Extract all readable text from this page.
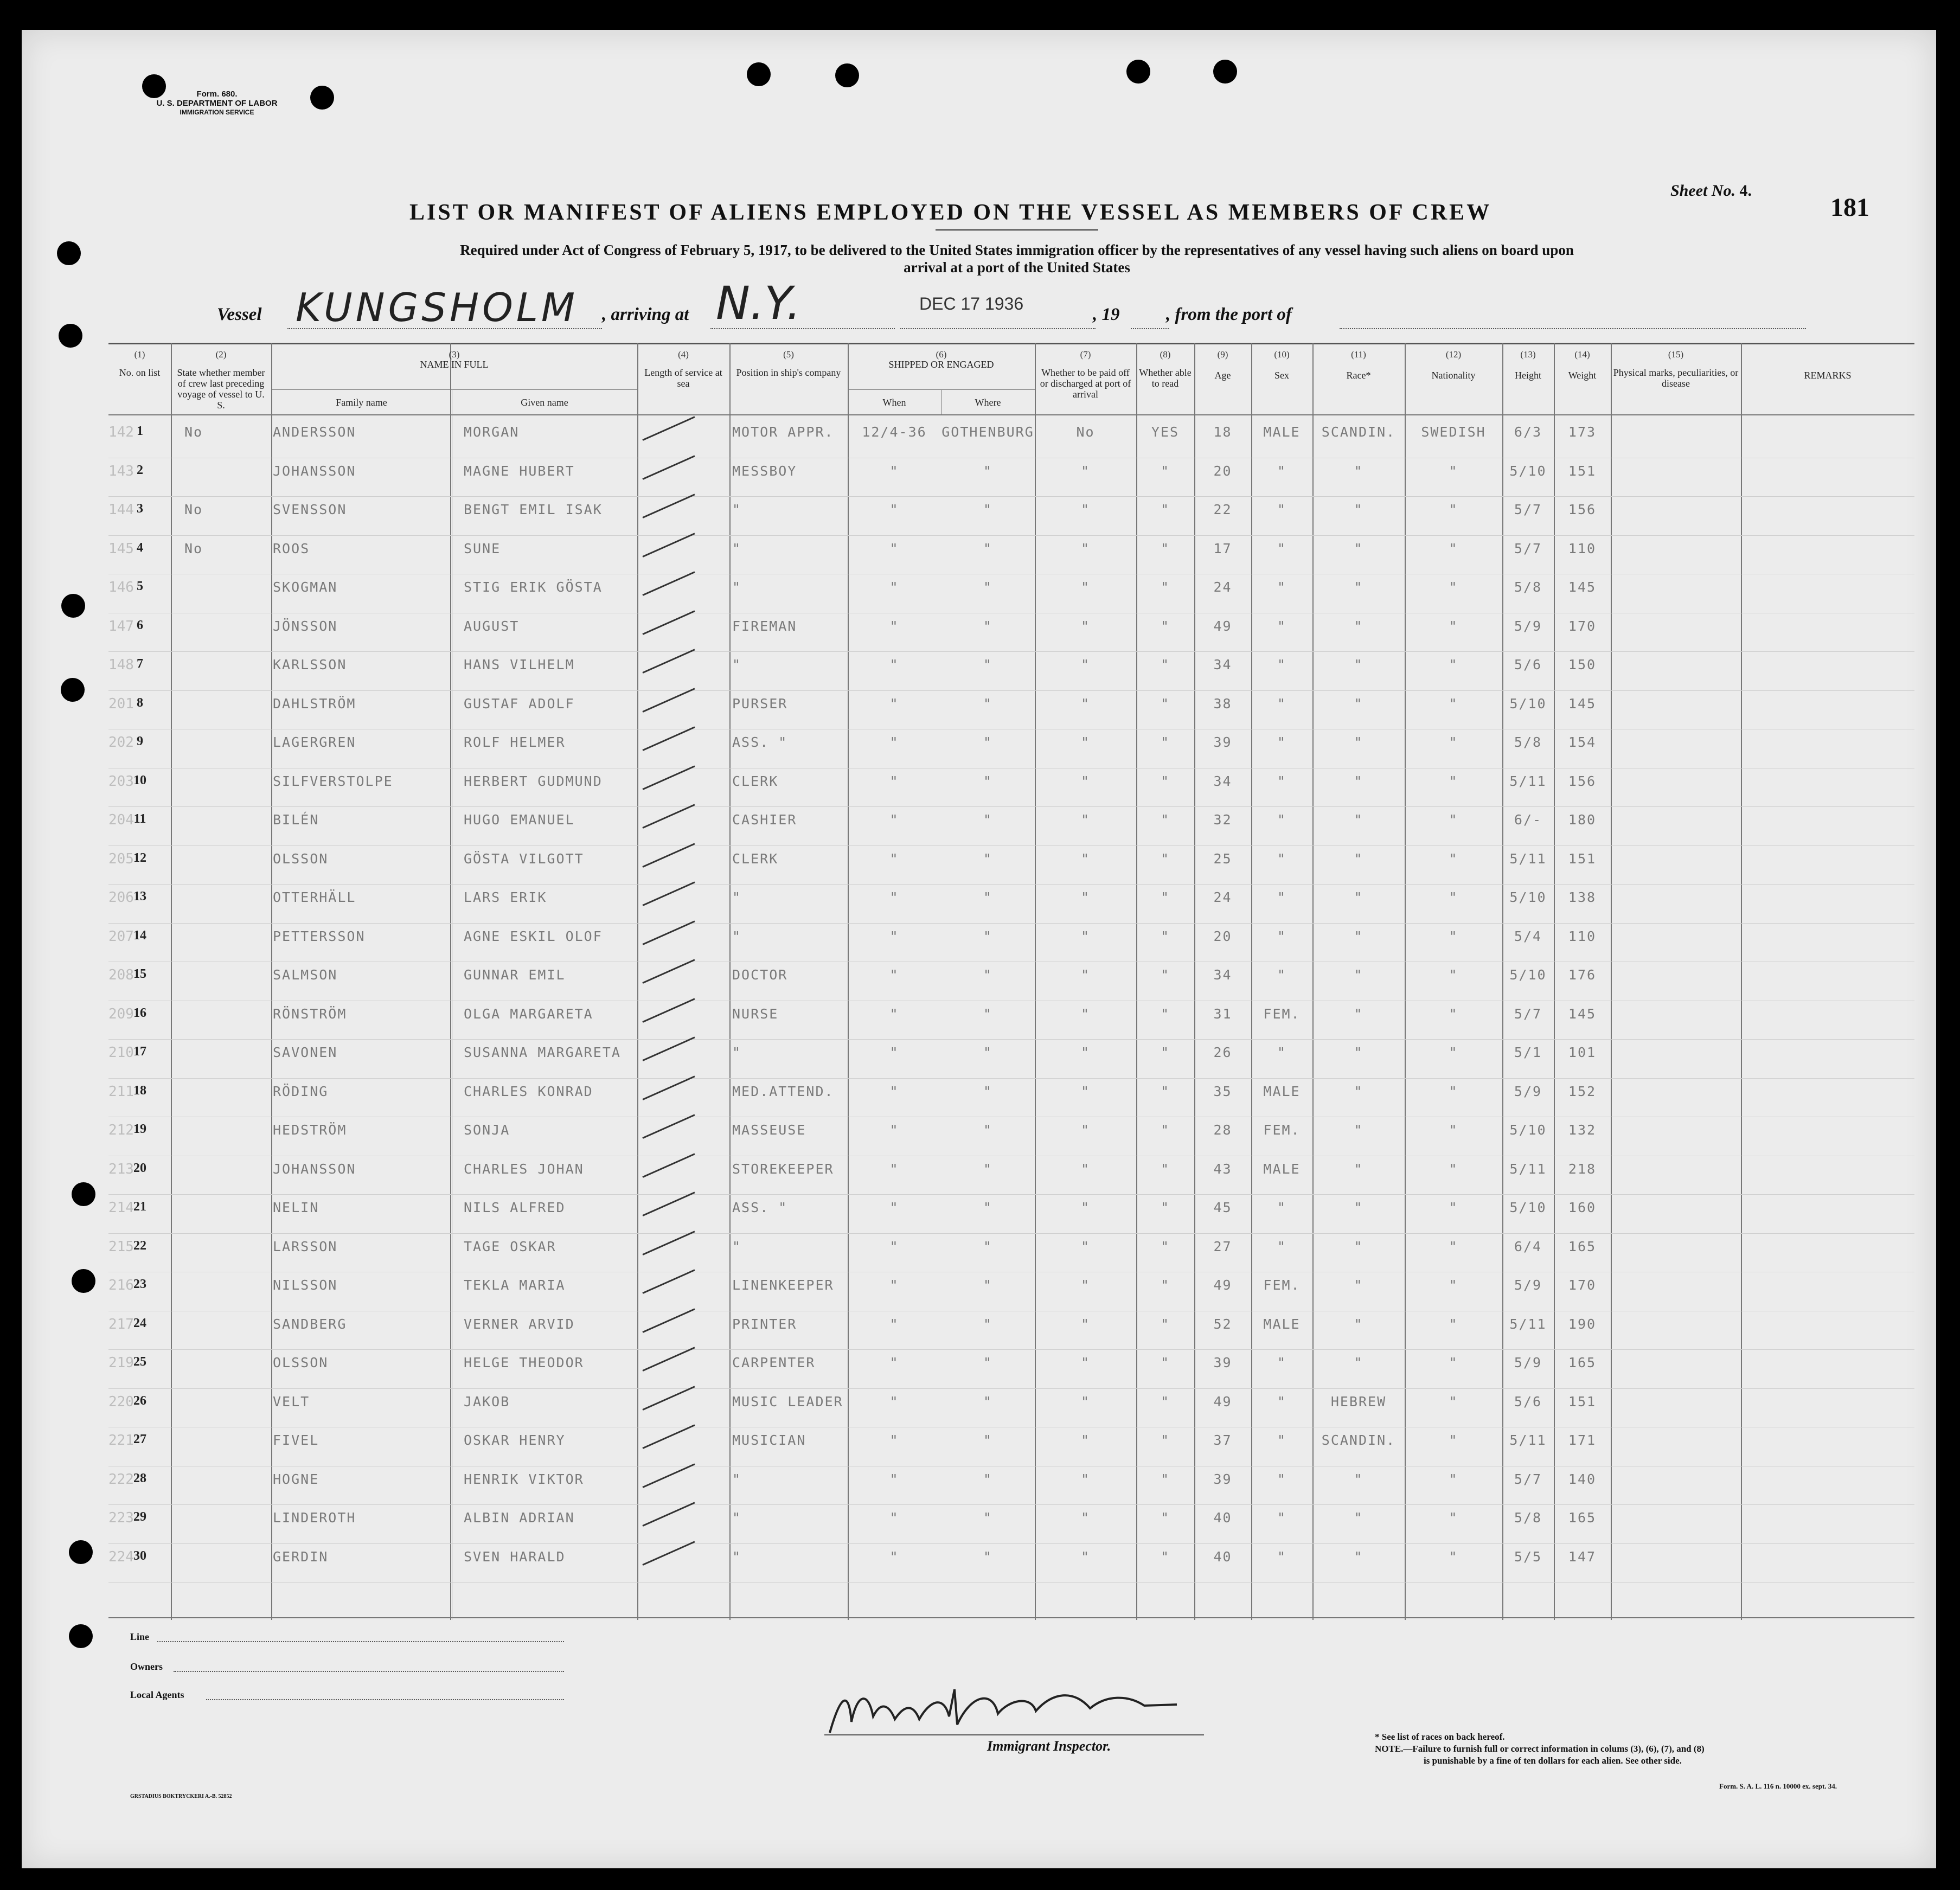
Form. 680.
U. S. DEPARTMENT OF LABOR
IMMIGRATION SERVICE
Sheet No. 4.
181
LIST OR MANIFEST OF ALIENS EMPLOYED ON THE VESSEL AS MEMBERS OF CREW
Required under Act of Congress of February 5, 1917, to be delivered to the United States immigration officer by the representatives of any vessel having such aliens on board upon
arrival at a port of the United States
Vessel KUNGSHOLM , arriving at N.Y.	DEC 17 1936
, 19	, from the port of
(1)
No. on list
(2)
State whether member of crew last preceding voyage of vessel to U. S.
(3)
NAME IN FULL
(4)
Length of service at sea
(5)
Position in ship's company
(6)
SHIPPED OR ENGAGED
(7)
Whether to be paid off or discharged at port of arrival
(8)
Whether able to read
(9)
Age
(10)
Sex
(11)
Race*
(12)
Nationality
(13)
Height
(14)
Weight
(15)
Physical marks, peculiarities, or disease
REMARKS
Family name	Given name	When	Where
142 1	No	ANDERSSON	MORGAN	MOTOR APPR.	12/4-36	GOTHENBURG	No	YES	18	MALE	SCANDIN.	SWEDISH	6/3	173
143 2	JOHANSSON	MAGNE HUBERT	MESSBOY	"	"	"	"	20	"	"	"	5/10	151
144 3	No	SVENSSON	BENGT EMIL ISAK	"	"	"	"	"	22	"	"	"	5/7	156
145 4	No	ROOS	SUNE	"	"	"	"	"	17	"	"	"	5/7	110
146 5	SKOGMAN	STIG ERIK GÖSTA	"	"	"	"	"	24	"	"	"	5/8	145
147 6	JÖNSSON	AUGUST	FIREMAN	"	"	"	"	49	"	"	"	5/9	170
148 7	KARLSSON	HANS VILHELM	"	"	"	"	"	34	"	"	"	5/6	150
201 8	DAHLSTRÖM	GUSTAF ADOLF	PURSER	"	"	"	"	38	"	"	"	5/10	145
202 9	LAGERGREN	ROLF HELMER	ASS. "	"	"	"	"	39	"	"	"	5/8	154
203 10	SILFVERSTOLPE	HERBERT GUDMUND	CLERK	"	"	"	"	34	"	"	"	5/11	156
204 11	BILÉN	HUGO EMANUEL	CASHIER	"	"	"	"	32	"	"	"	6/-	180
205 12	OLSSON	GÖSTA VILGOTT	CLERK	"	"	"	"	25	"	"	"	5/11	151
206 13	OTTERHÄLL	LARS ERIK	"	"	"	"	"	24	"	"	"	5/10	138
207 14	PETTERSSON	AGNE ESKIL OLOF	"	"	"	"	"	20	"	"	"	5/4	110
208 15	SALMSON	GUNNAR EMIL	DOCTOR	"	"	"	"	34	"	"	"	5/10	176
209 16	RÖNSTRÖM	OLGA MARGARETA	NURSE	"	"	"	"	31	FEM.	"	"	5/7	145
210 17	SAVONEN	SUSANNA MARGARETA	"	"	"	"	"	26	"	"	"	5/1	101
211 18	RÖDING	CHARLES KONRAD	MED.ATTEND.	"	"	"	"	35	MALE	"	"	5/9	152
212 19	HEDSTRÖM	SONJA	MASSEUSE	"	"	"	"	28	FEM.	"	"	5/10	132
213 20	JOHANSSON	CHARLES JOHAN	STOREKEEPER	"	"	"	"	43	MALE	"	"	5/11	218
214 21	NELIN	NILS ALFRED	ASS. "	"	"	"	"	45	"	"	"	5/10	160
215 22	LARSSON	TAGE OSKAR	"	"	"	"	"	27	"	"	"	6/4	165
216 23	NILSSON	TEKLA MARIA	LINENKEEPER	"	"	"	"	49	FEM.	"	"	5/9	170
217 24	SANDBERG	VERNER ARVID	PRINTER	"	"	"	"	52	MALE	"	"	5/11	190
219 25	OLSSON	HELGE THEODOR	CARPENTER	"	"	"	"	39	"	"	"	5/9	165
220 26	VELT	JAKOB	MUSIC LEADER	"	"	"	"	49	"	HEBREW	"	5/6	151
221 27	FIVEL	OSKAR HENRY	MUSICIAN	"	"	"	"	37	"	SCANDIN.	"	5/11	171
222 28	HOGNE	HENRIK VIKTOR	"	"	"	"	"	39	"	"	"	5/7	140
223 29	LINDEROTH	ALBIN ADRIAN	"	"	"	"	"	40	"	"	"	5/8	165
224 30	GERDIN	SVEN HARALD	"	"	"	"	"	40	"	"	"	5/5	147
Line
Owners
Local Agents
Immigrant Inspector.
* See list of races on back hereof.
NOTE.—Failure to furnish full or correct information in colums (3), (6), (7), and (8)
is punishable by a fine of ten dollars for each alien. See other side.
Form. S. A. L. 116 n. 10000 ex. sept. 34.
GRSTADIUS BOKTRYCKERI A.-B. 52852
